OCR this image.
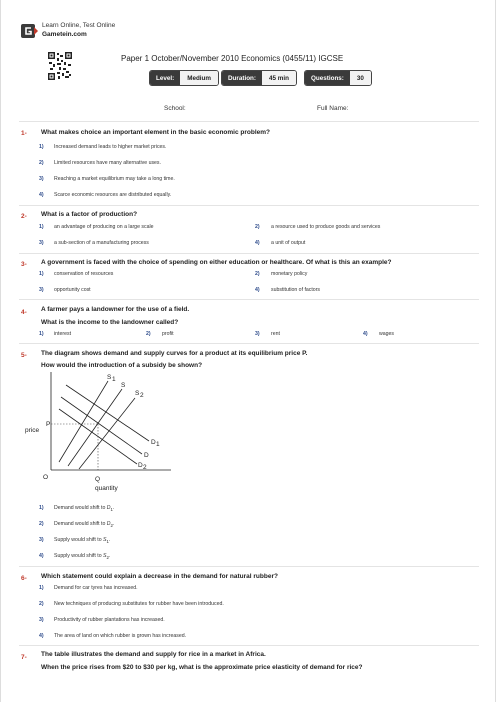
Learn Online, Test Online
Gametein.com
Paper 1 October/November 2010 Economics (0455/11) IGCSE
Level:	Medium	Duration:	45 min	Questions:	30
School:	Full Name:
1- What makes choice an important element in the basic economic problem?
1) Increased demand leads to higher market prices.
2) Limited resources have many alternative uses.
3) Reaching a market equilibrium may take a long time.
4) Scarce economic resources are distributed equally.
2- What is a factor of production?
1) an advantage of producing on a large scale	2) a resource used to produce goods and services
3) a sub-section of a manufacturing process	4) a unit of output
3- A government is faced with the choice of spending on either education or healthcare. Of what is this an example?
1) conservation of resources	2) monetary policy
3) opportunity cost	4) substitution of factors
4- A farmer pays a landowner for the use of a field.
What is the income to the landowner called?
1) interest	2) profit	3) rent	4) wages
5- The diagram shows demand and supply curves for a product at its equilibrium price P.
How would the introduction of a subsidy be shown?
price
P
O	Q
quantity
S 1
S
S 2
D 1
D
D 2
1) Demand would shift to $D_1$.
2) Demand would shift to $D_2$.
3) Supply would shift to $S_1$.
4) Supply would shift to $S_2$.
6- Which statement could explain a decrease in the demand for natural rubber?
1) Demand for car tyres has increased.
2) New techniques of producing substitutes for rubber have been introduced.
3) Productivity of rubber plantations has increased.
4) The area of land on which rubber is grown has increased.
7- The table illustrates the demand and supply for rice in a market in Africa.
When the price rises from $20 to $30 per kg, what is the approximate price elasticity of demand for rice?
